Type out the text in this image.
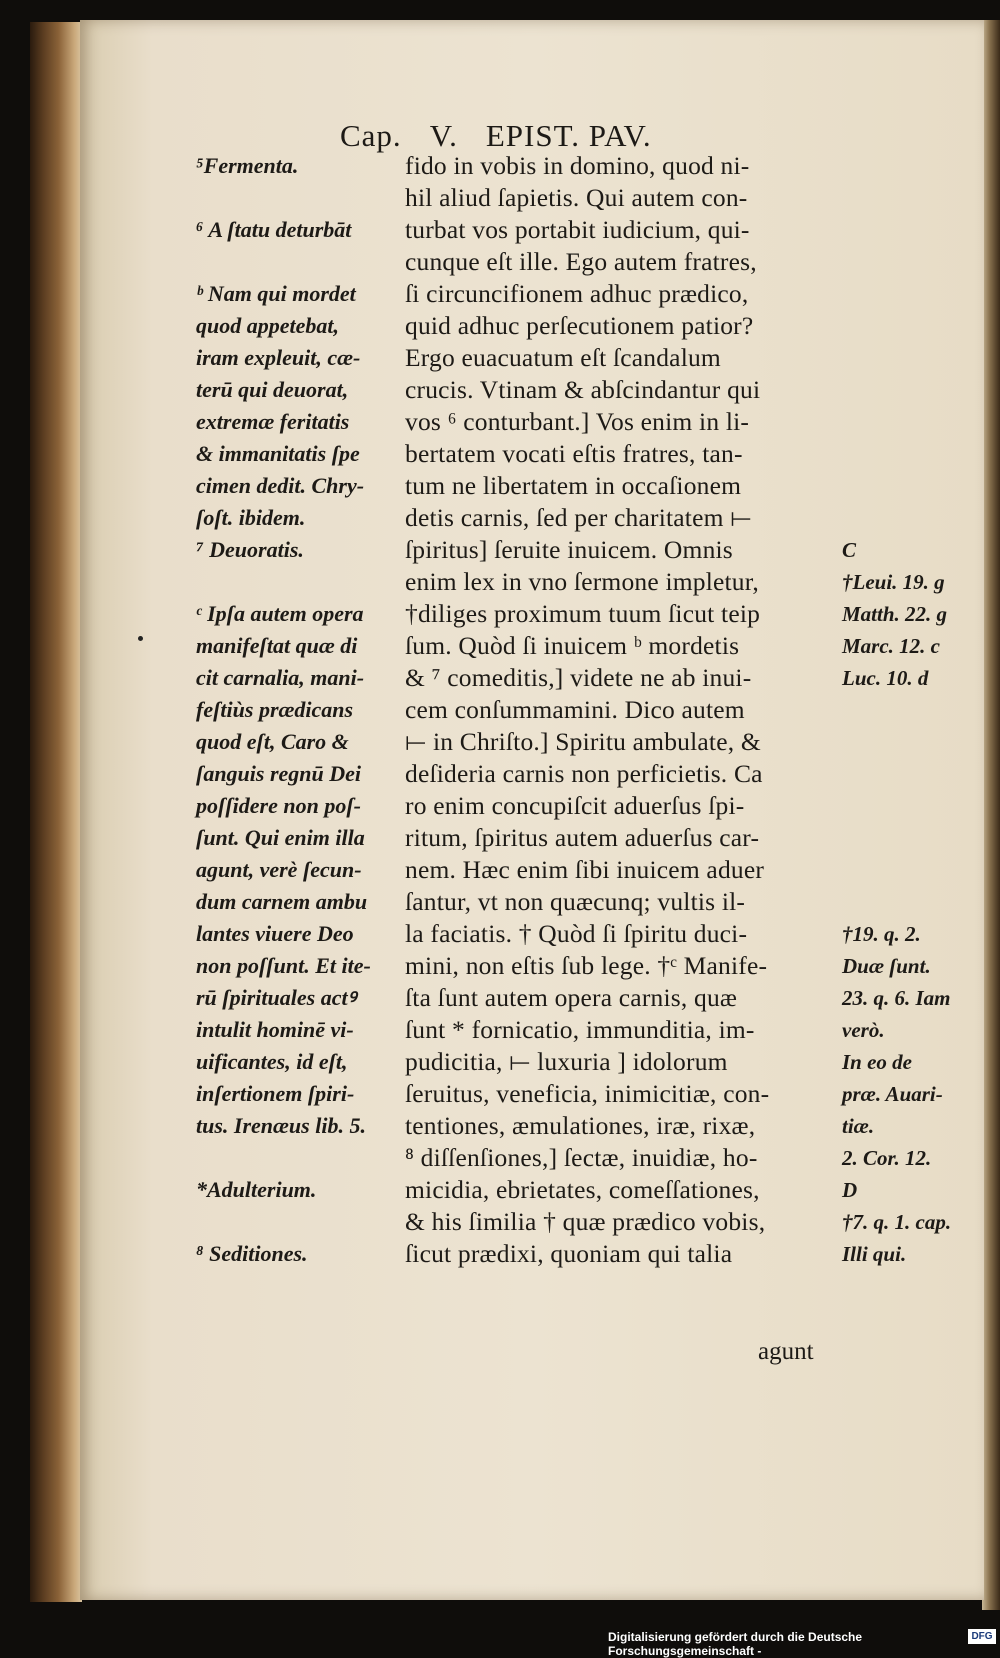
Cap. V. EPIST. PAV.
fido in vobis in domino, quod ni-
hil aliud ſapietis. Qui autem con-
turbat vos portabit iudicium, qui-
cunque eſt ille. Ego autem fratres,
ſi circuncifionem adhuc prædico,
quid adhuc perſecutionem patior?
Ergo euacuatum eſt ſcandalum
crucis. Vtinam & abſcindantur qui
vos ⁶ conturbant.] Vos enim in li-
bertatem vocati eſtis fratres, tan-
tum ne libertatem in occaſionem
detis carnis, ſed per charitatem ⟝
ſpiritus] ſeruite inuicem. Omnis
enim lex in vno ſermone impletur,
†diliges proximum tuum ſicut teip
ſum. Quòd ſi inuicem ᵇ mordetis
& ⁷ comeditis,] videte ne ab inui-
cem conſummamini. Dico autem
⟝ in Chriſto.] Spiritu ambulate, &
deſideria carnis non perficietis. Ca
ro enim concupiſcit aduerſus ſpi-
ritum, ſpiritus autem aduerſus car-
nem. Hæc enim ſibi inuicem aduer
ſantur, vt non quæcunq; vultis il-
la faciatis. † Quòd ſi ſpiritu duci-
mini, non eſtis ſub lege. †ᶜ Manife-
ſta ſunt autem opera carnis, quæ
ſunt * fornicatio, immunditia, im-
pudicitia, ⟝ luxuria ] idolorum
ſeruitus, veneficia, inimicitiæ, con-
tentiones, æmulationes, iræ, rixæ,
⁸ diſſenſiones,] ſectæ, inuidiæ, ho-
micidia, ebrietates, comeſſationes,
& his ſimilia † quæ prædico vobis,
ſicut prædixi, quoniam qui talia
⁵Fermenta.
⁶ A ſtatu deturbāt
ᵇ Nam qui mordet
quod appetebat,
iram expleuit, cæ-
terū qui deuorat,
extremæ feritatis
& immanitatis ſpe
cimen dedit. Chry-
ſoſt. ibidem.
⁷ Deuoratis.
ᶜ Ipſa autem opera
manifeſtat quæ di
cit carnalia, mani-
feſtiùs prædicans
quod eſt, Caro &
ſanguis regnū Dei
poſſidere non poſ-
ſunt. Qui enim illa
agunt, verè ſecun-
dum carnem ambu
lantes viuere Deo
non poſſunt. Et ite-
rū ſpirituales actꝰ
intulit hominē vi-
uificantes, id eſt,
inſertionem ſpiri-
tus. Irenæus lib. 5.
*Adulterium.
⁸ Seditiones.
C
†Leui. 19. g
Matth. 22. g
Marc. 12. c
Luc. 10. d
†19. q. 2.
Duæ ſunt.
23. q. 6. Iam
verò.
In eo de
præ. Auari-
tiæ.
2. Cor. 12.
D
†7. q. 1. cap.
Illi qui.
agunt
Digitalisierung gefördert durch die Deutsche Forschungsgemeinschaft -
DFG
